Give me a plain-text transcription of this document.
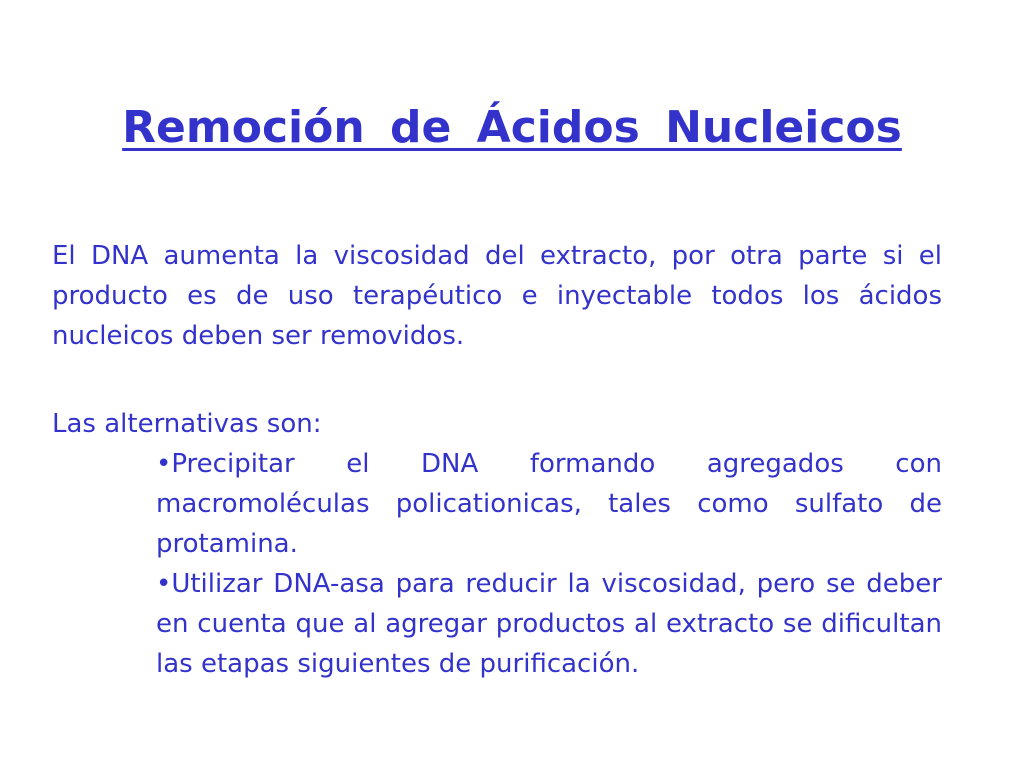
Remoción de Ácidos Nucleicos

El DNA aumenta la viscosidad del extracto, por otra parte si el producto es de uso terapéutico e inyectable todos los ácidos nucleicos deben ser removidos.

Las alternativas son:

•Precipitar el DNA formando agregados con macromoléculas policationicas, tales como sulfato de protamina.

•Utilizar DNA-asa para reducir la viscosidad, pero se deber en cuenta que al agregar productos al extracto se dificultan las etapas siguientes de purificación.
